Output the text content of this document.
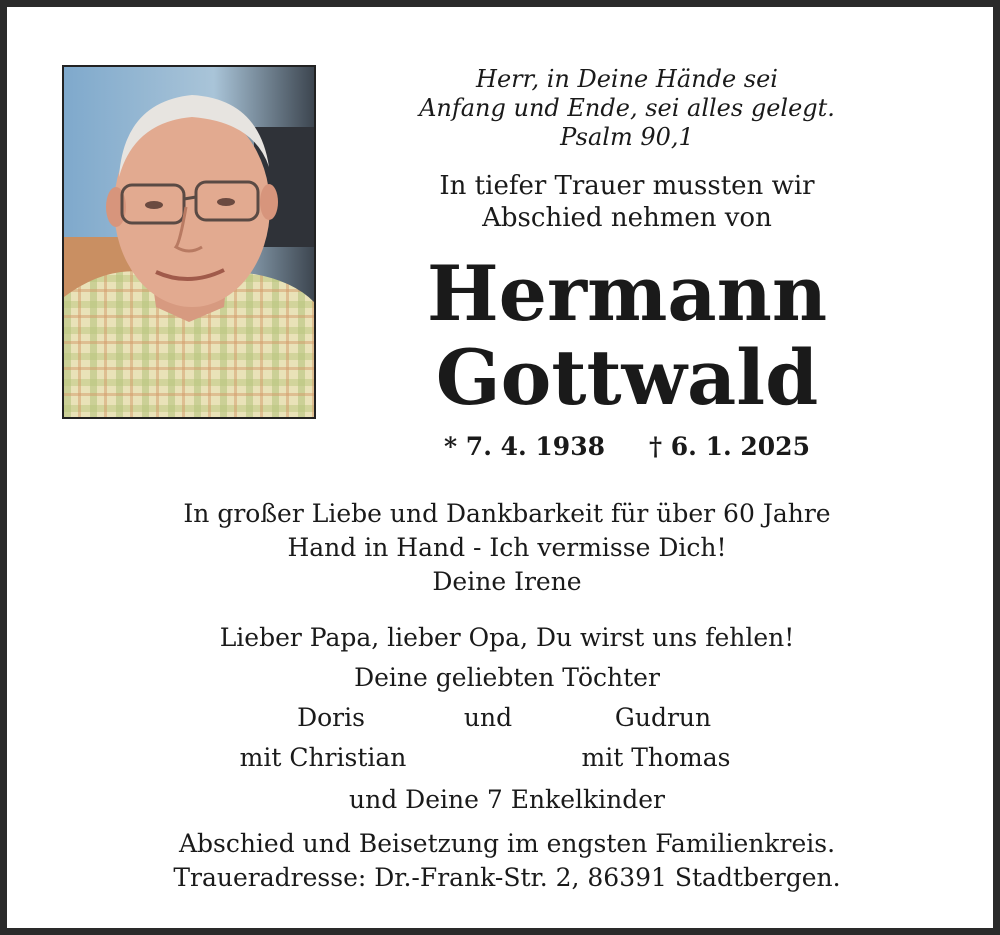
Herr, in Deine Hände sei

Anfang und Ende, sei alles gelegt.

Psalm 90,1

In tiefer Trauer mussten wir

Abschied nehmen von

Hermann
Gottwald
* 7. 4. 1938 † 6. 1. 2025

In großer Liebe und Dankbarkeit für über 60 Jahre

Hand in Hand - Ich vermisse Dich!

Deine Irene

Lieber Papa, lieber Opa, Du wirst uns fehlen!

Deine geliebten Töchter

Doris	und	Gudrun
mit Christian	mit Thomas

und Deine 7 Enkelkinder

Abschied und Beisetzung im engsten Familienkreis.

Traueradresse: Dr.-Frank-Str. 2, 86391 Stadtbergen.
